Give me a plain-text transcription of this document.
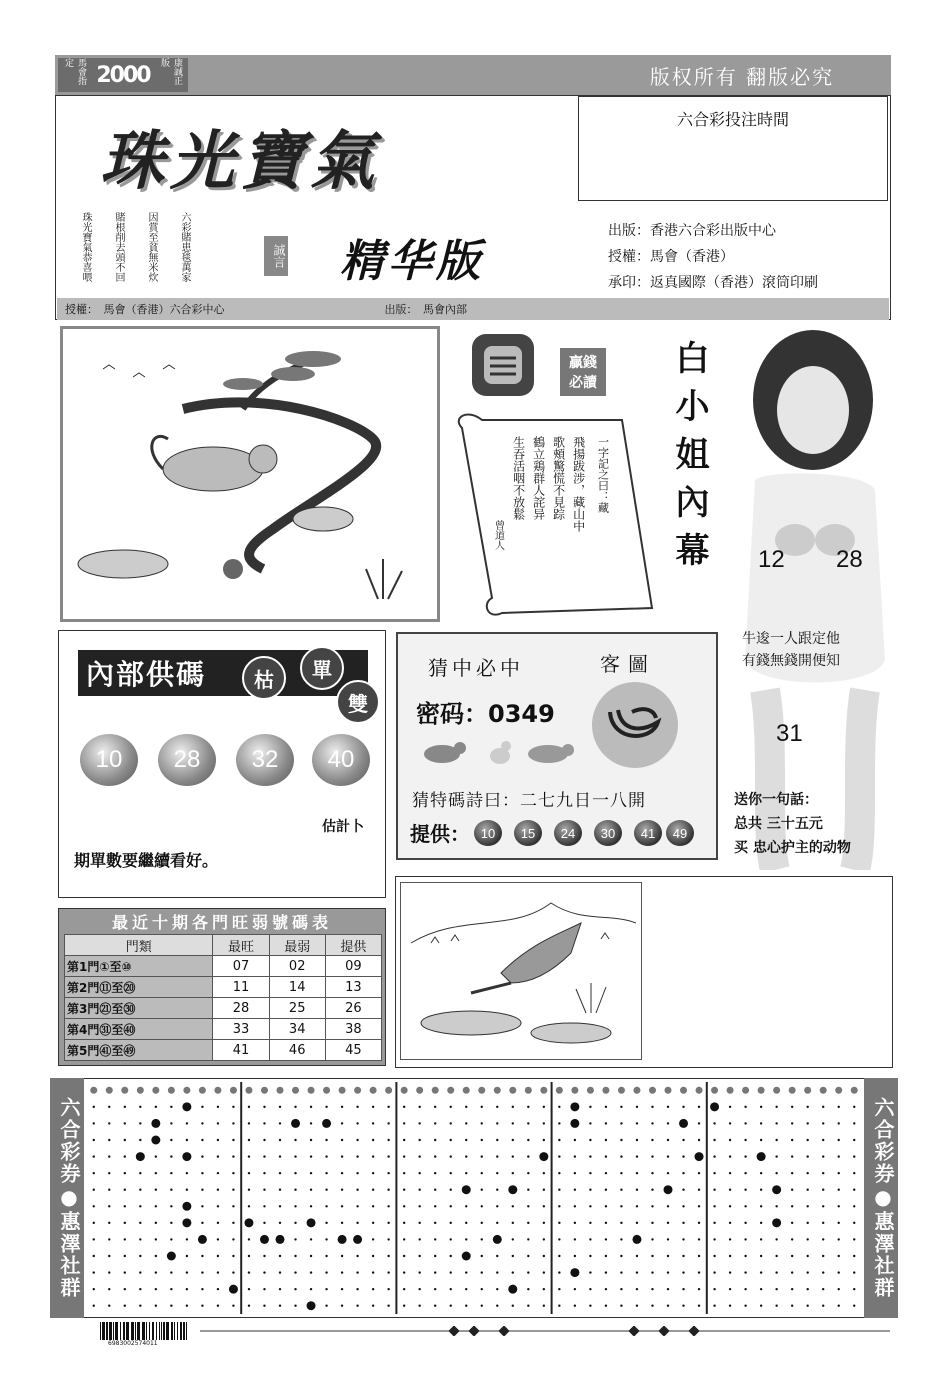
馬會指定	2000	康誠正版
版权所有 翻版必究
珠光寶氣
六合彩投注時間
六彩賭患毯萬家
因賞至貧無米炊
賭根削去頭不回
珠光寶氣恭喜喂	誠言 精华版
出版：香港六合彩出版中心
授權：馬會（香港）
承印：返真國際（香港）滾筒印刷
授權：　馬會（香港）六合彩中心	出版：　馬會內部
贏錢
必讀
一字記之曰：藏
飛揚跋涉，藏山中
歌頰驚慌不見踪
鶴立鶏群人詫异
生吞活咽不放鬆
曾道人	白小姐內幕 12 28
牛逡一人跟定他
有錢無錢開便知
31
送你一句話：
总共 三十五元
买 忠心护主的动物
內部供碼	枯	單
雙
10	28	32	40
估計卜
期單數要繼續看好。
猜中必中	客圖
密码：0349
猜特碼詩曰：二七九日一八開
提供： 10	15	24	30	41	49
最近十期各門旺弱號碼表
門類	最旺	最弱	提供
第1門①至⑩	07	02	09
第2門⑪至⑳	11	14	13
第3門㉑至㉚	28	25	26
第4門㉛至㊵	33	34	38
第5門㊶至㊾	41	46	45
六合彩券●惠澤社群	六合彩券●惠澤社群
6983002574011
